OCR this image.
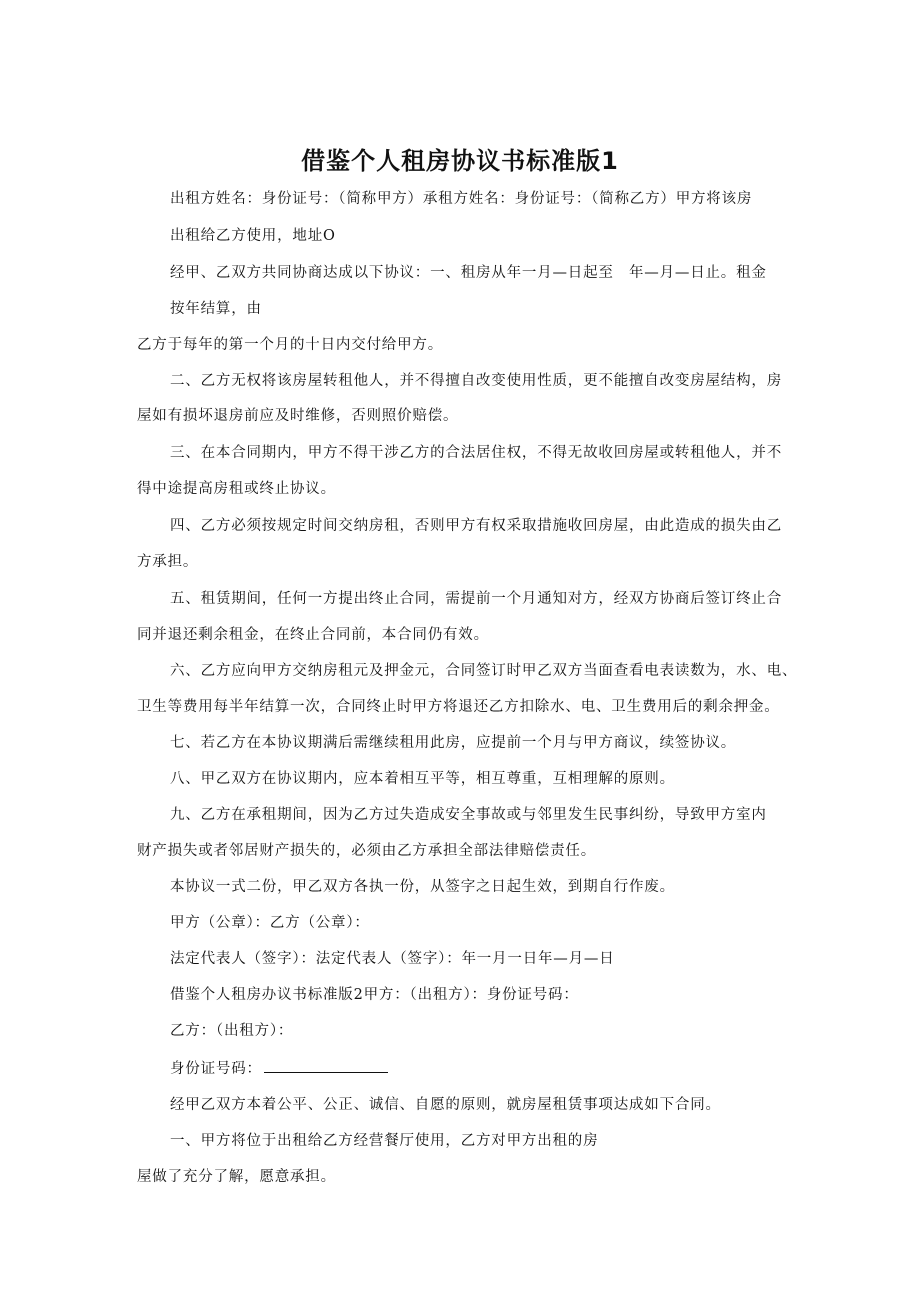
借鉴个人租房协议书标准版1
出租方姓名：身份证号：（简称甲方）承租方姓名：身份证号：（简称乙方）甲方将该房
出租给乙方使用，地址O
经甲、乙双方共同协商达成以下协议：一、租房从年一月—日起至　年—月—日止。租金
按年结算，由
乙方于每年的第一个月的十日内交付给甲方。
二、乙方无权将该房屋转租他人，并不得擅自改变使用性质，更不能擅自改变房屋结构，房
屋如有损坏退房前应及时维修，否则照价赔偿。
三、在本合同期内，甲方不得干涉乙方的合法居住权，不得无故收回房屋或转租他人，并不
得中途提高房租或终止协议。
四、乙方必须按规定时间交纳房租，否则甲方有权采取措施收回房屋，由此造成的损失由乙
方承担。
五、租赁期间，任何一方提出终止合同，需提前一个月通知对方，经双方协商后签订终止合
同并退还剩余租金，在终止合同前，本合同仍有效。
六、乙方应向甲方交纳房租元及押金元，合同签订时甲乙双方当面查看电表读数为，水、电、
卫生等费用每半年结算一次，合同终止时甲方将退还乙方扣除水、电、卫生费用后的剩余押金。
七、若乙方在本协议期满后需继续租用此房，应提前一个月与甲方商议，续签协议。
八、甲乙双方在协议期内，应本着相互平等，相互尊重，互相理解的原则。
九、乙方在承租期间，因为乙方过失造成安全事故或与邻里发生民事纠纷，导致甲方室内
财产损失或者邻居财产损失的，必须由乙方承担全部法律赔偿责任。
本协议一式二份，甲乙双方各执一份，从签字之日起生效，到期自行作废。
甲方（公章）：乙方（公章）：
法定代表人（签字）：法定代表人（签字）：年一月一日年—月—日
借鉴个人租房办议书标准版2甲方：（出租方）：身份证号码：
乙方：（出租方）：
身份证号码：
经甲乙双方本着公平、公正、诚信、自愿的原则，就房屋租赁事项达成如下合同。
一、甲方将位于出租给乙方经营餐厅使用，乙方对甲方出租的房
屋做了充分了解，愿意承担。
